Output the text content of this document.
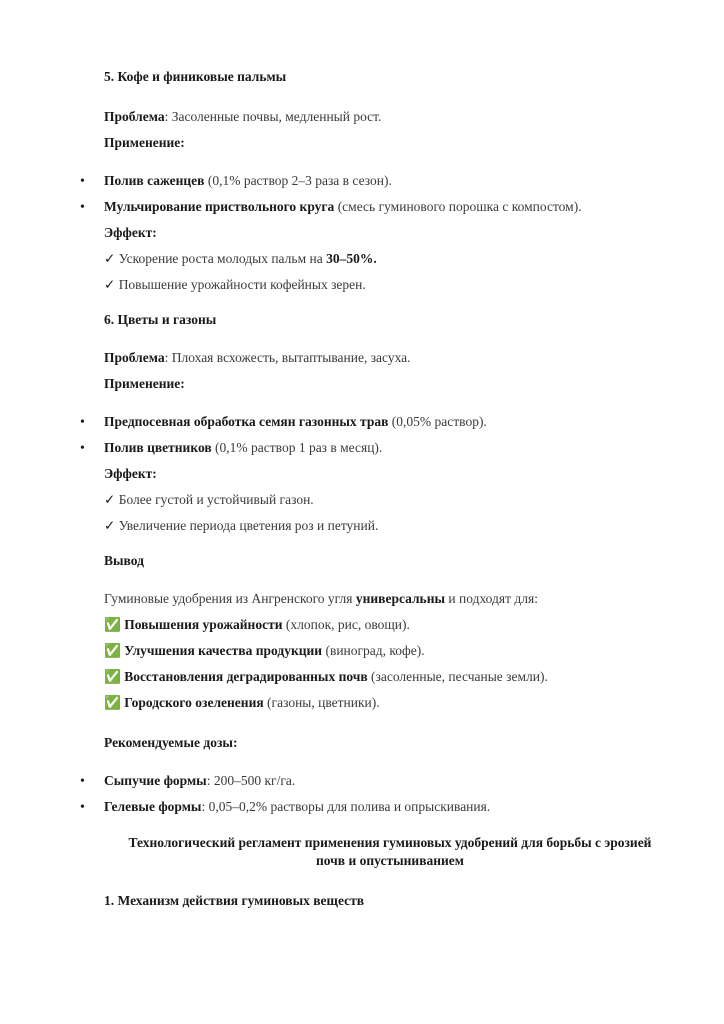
5. Кофе и финиковые пальмы
Проблема: Засоленные почвы, медленный рост.
Применение:
• Полив саженцев (0,1% раствор 2–3 раза в сезон).
• Мульчирование приствольного круга (смесь гуминового порошка с компостом).
Эффект:
✓ Ускорение роста молодых пальм на 30–50%.
✓ Повышение урожайности кофейных зерен.
6. Цветы и газоны
Проблема: Плохая всхожесть, вытаптывание, засуха.
Применение:
• Предпосевная обработка семян газонных трав (0,05% раствор).
• Полив цветников (0,1% раствор 1 раз в месяц).
Эффект:
✓ Более густой и устойчивый газон.
✓ Увеличение периода цветения роз и петуний.
Вывод
Гуминовые удобрения из Ангренского угля универсальны и подходят для:
✅ Повышения урожайности (хлопок, рис, овощи).
✅ Улучшения качества продукции (виноград, кофе).
✅ Восстановления деградированных почв (засоленные, песчаные земли).
✅ Городского озеленения (газоны, цветники).
Рекомендуемые дозы:
• Сыпучие формы: 200–500 кг/га.
• Гелевые формы: 0,05–0,2% растворы для полива и опрыскивания.
Технологический регламент применения гуминовых удобрений для борьбы с эрозией
почв и опустыниванием
1. Механизм действия гуминовых веществ
